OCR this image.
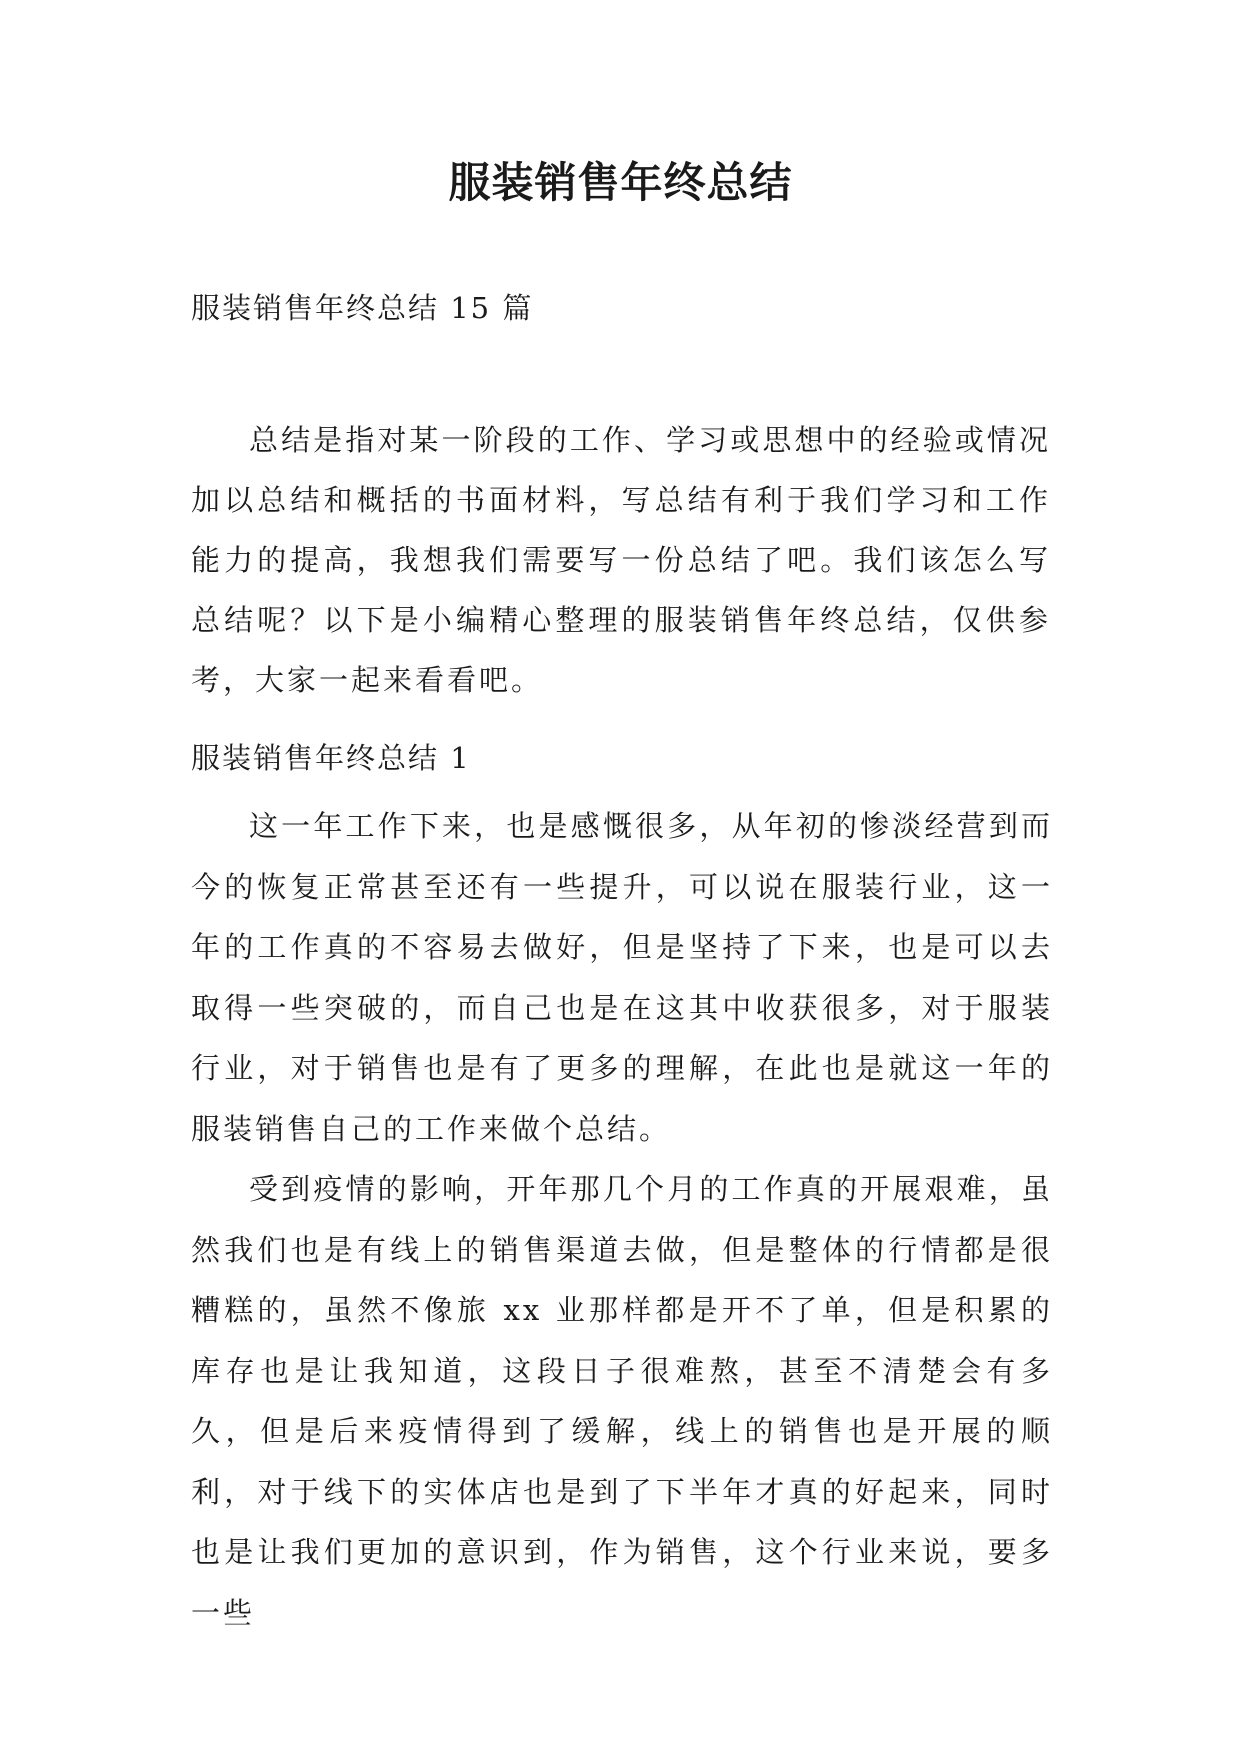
服装销售年终总结
服装销售年终总结 15 篇

总结是指对某一阶段的工作、学习或思想中的经验或情况加以总结和概括的书面材料，写总结有利于我们学习和工作能力的提高，我想我们需要写一份总结了吧。我们该怎么写总结呢？以下是小编精心整理的服装销售年终总结，仅供参考，大家一起来看看吧。

服装销售年终总结 1

这一年工作下来，也是感慨很多，从年初的惨淡经营到而今的恢复正常甚至还有一些提升，可以说在服装行业，这一年的工作真的不容易去做好，但是坚持了下来，也是可以去取得一些突破的，而自己也是在这其中收获很多，对于服装行业，对于销售也是有了更多的理解，在此也是就这一年的服装销售自己的工作来做个总结。

受到疫情的影响，开年那几个月的工作真的开展艰难，虽然我们也是有线上的销售渠道去做，但是整体的行情都是很糟糕的，虽然不像旅 xx 业那样都是开不了单，但是积累的库存也是让我知道，这段日子很难熬，甚至不清楚会有多久，但是后来疫情得到了缓解，线上的销售也是开展的顺利，对于线下的实体店也是到了下半年才真的好起来，同时也是让我们更加的意识到，作为销售，这个行业来说，要多一些
